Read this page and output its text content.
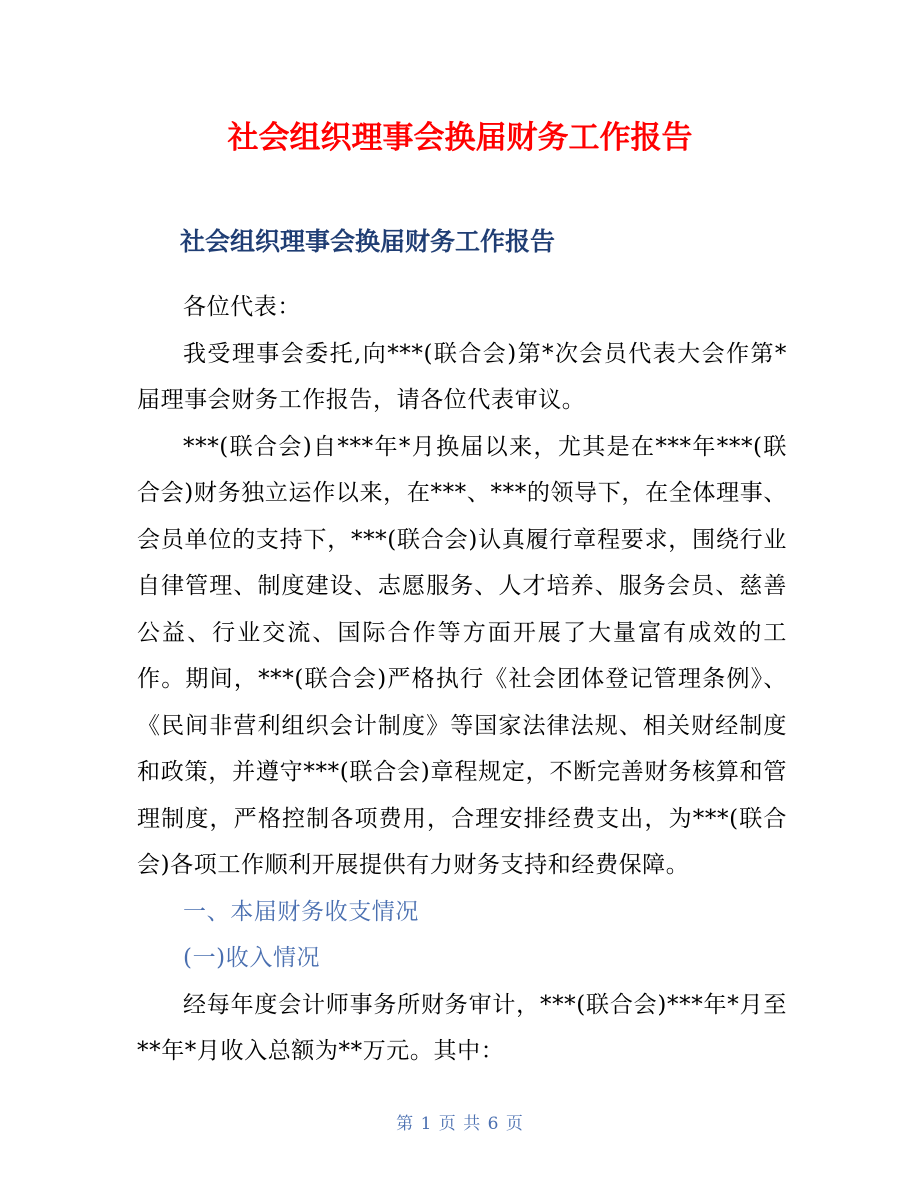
社会组织理事会换届财务工作报告
社会组织理事会换届财务工作报告

各位代表：

我受理事会委托,向***(联合会)第*次会员代表大会作第*届理事会财务工作报告，请各位代表审议。

***(联合会)自***年*月换届以来，尤其是在***年***(联合会)财务独立运作以来，在***、***的领导下，在全体理事、会员单位的支持下，***(联合会)认真履行章程要求，围绕行业自律管理、制度建设、志愿服务、人才培养、服务会员、慈善公益、行业交流、国际合作等方面开展了大量富有成效的工作。期间，***(联合会)严格执行《社会团体登记管理条例》、《民间非营利组织会计制度》等国家法律法规、相关财经制度和政策，并遵守***(联合会)章程规定，不断完善财务核算和管理制度，严格控制各项费用，合理安排经费支出，为***(联合会)各项工作顺利开展提供有力财务支持和经费保障。

一、本届财务收支情况

(一)收入情况

经每年度会计师事务所财务审计，***(联合会)***年*月至**年*月收入总额为**万元。其中：

第 1 页 共 6 页
